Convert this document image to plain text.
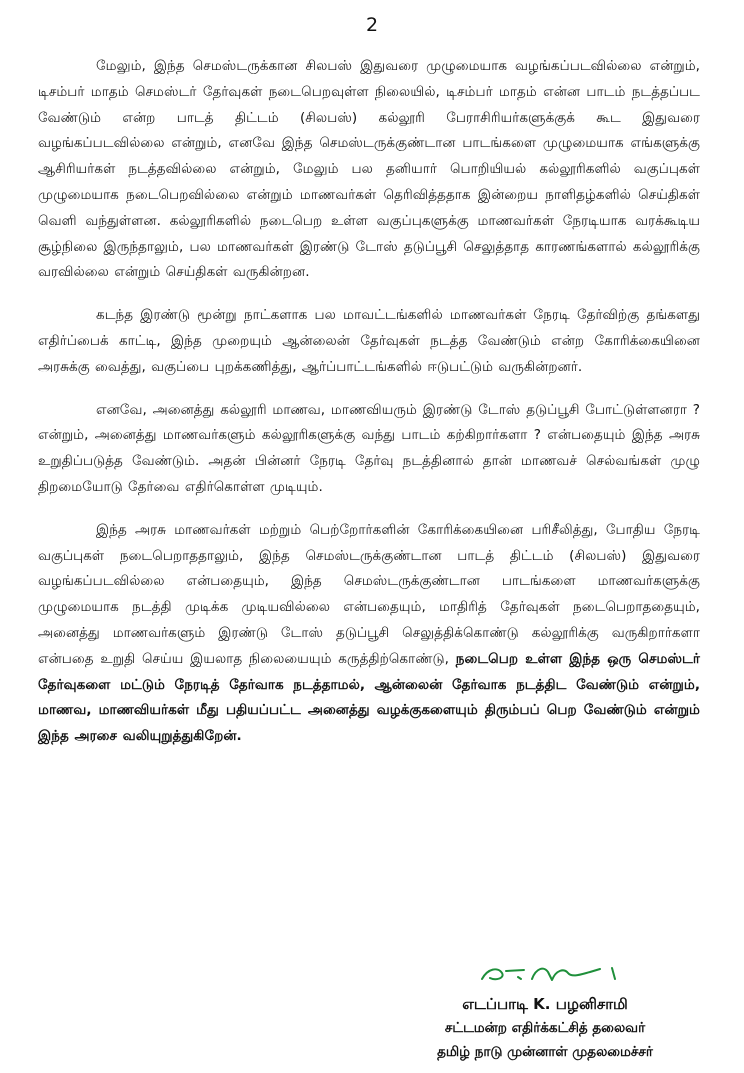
2

மேலும், இந்த செமஸ்டருக்கான சிலபஸ் இதுவரை முழுமையாக வழங்கப்படவில்லை என்றும், டிசம்பர் மாதம் செமஸ்டர் தேர்வுகள் நடைபெறவுள்ள நிலையில், டிசம்பர் மாதம் என்ன பாடம் நடத்தப்பட வேண்டும் என்ற பாடத் திட்டம் (சிலபஸ்) கல்லூரி பேராசிரியர்களுக்குக் கூட இதுவரை வழங்கப்படவில்லை என்றும், எனவே இந்த செமஸ்டருக்குண்டான பாடங்களை முழுமையாக எங்களுக்கு ஆசிரியர்கள் நடத்தவில்லை என்றும், மேலும் பல தனியார் பொறியியல் கல்லூரிகளில் வகுப்புகள் முழுமையாக நடைபெறவில்லை என்றும் மாணவர்கள் தெரிவித்ததாக இன்றைய நாளிதழ்களில் செய்திகள் வெளி வந்துள்ளன. கல்லூரிகளில் நடைபெற உள்ள வகுப்புகளுக்கு மாணவர்கள் நேரடியாக வரக்கூடிய சூழ்நிலை இருந்தாலும், பல மாணவர்கள் இரண்டு டோஸ் தடுப்பூசி செலுத்தாத காரணங்களால் கல்லூரிக்கு வரவில்லை என்றும் செய்திகள் வருகின்றன.

கடந்த இரண்டு மூன்று நாட்களாக பல மாவட்டங்களில் மாணவர்கள் நேரடி தேர்விற்கு தங்களது எதிர்ப்பைக் காட்டி, இந்த முறையும் ஆன்லைன் தேர்வுகள் நடத்த வேண்டும் என்ற கோரிக்கையினை அரசுக்கு வைத்து, வகுப்பை புறக்கணித்து, ஆர்ப்பாட்டங்களில் ஈடுபட்டும் வருகின்றனர்.

எனவே, அனைத்து கல்லூரி மாணவ, மாணவியரும் இரண்டு டோஸ் தடுப்பூசி போட்டுள்ளனரா ? என்றும், அனைத்து மாணவர்களும் கல்லூரிகளுக்கு வந்து பாடம் கற்கிறார்களா ? என்பதையும் இந்த அரசு உறுதிப்படுத்த வேண்டும். அதன் பின்னர் நேரடி தேர்வு நடத்தினால் தான் மாணவச் செல்வங்கள் முழு திறமையோடு தேர்வை எதிர்கொள்ள முடியும்.

இந்த அரசு மாணவர்கள் மற்றும் பெற்றோர்களின் கோரிக்கையினை பரிசீலித்து, போதிய நேரடி வகுப்புகள் நடைபெறாததாலும், இந்த செமஸ்டருக்குண்டான பாடத் திட்டம் (சிலபஸ்) இதுவரை வழங்கப்படவில்லை என்பதையும், இந்த செமஸ்டருக்குண்டான பாடங்களை மாணவர்களுக்கு முழுமையாக நடத்தி முடிக்க முடியவில்லை என்பதையும், மாதிரித் தேர்வுகள் நடைபெறாததையும், அனைத்து மாணவர்களும் இரண்டு டோஸ் தடுப்பூசி செலுத்திக்கொண்டு கல்லூரிக்கு வருகிறார்களா என்பதை உறுதி செய்ய இயலாத நிலையையும் கருத்திற்கொண்டு, நடைபெற உள்ள இந்த ஒரு செமஸ்டர் தேர்வுகளை மட்டும் நேரடித் தேர்வாக நடத்தாமல், ஆன்லைன் தேர்வாக நடத்திட வேண்டும் என்றும், மாணவ, மாணவியர்கள் மீது பதியப்பட்ட அனைத்து வழக்குகளையும் திரும்பப் பெற வேண்டும் என்றும் இந்த அரசை வலியுறுத்துகிறேன்.

எடப்பாடி K. பழனிசாமி
சட்டமன்ற எதிர்க்கட்சித் தலைவர்
தமிழ் நாடு முன்னாள் முதலமைச்சர்
